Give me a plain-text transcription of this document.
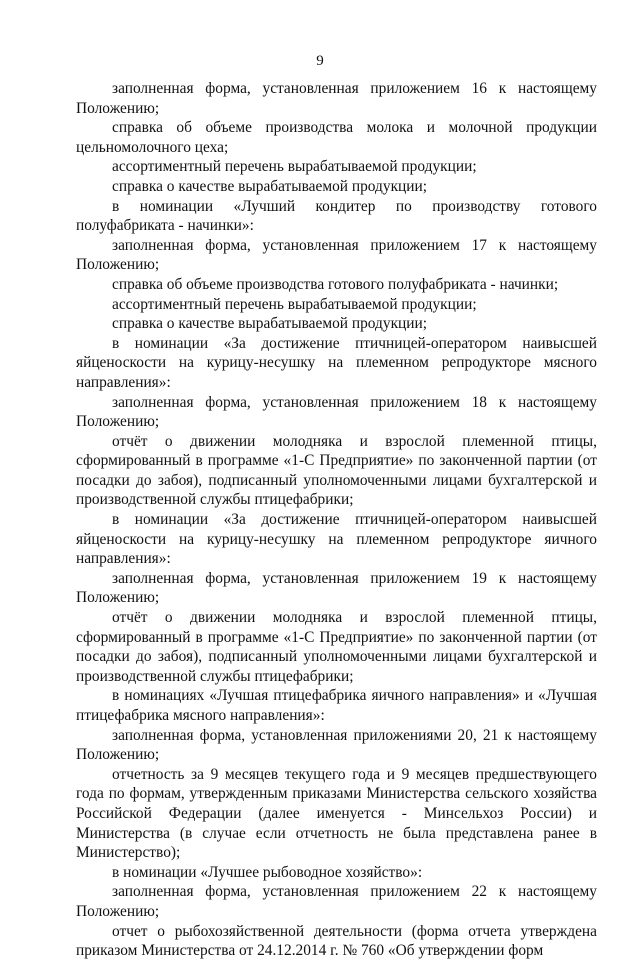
9

заполненная форма, установленная приложением 16 к настоящему Положению;

справка об объеме производства молока и молочной продукции цельномолочного цеха;

ассортиментный перечень вырабатываемой продукции;

справка о качестве вырабатываемой продукции;

в номинации «Лучший кондитер по производству готового полуфабриката - начинки»:

заполненная форма, установленная приложением 17 к настоящему Положению;

справка об объеме производства готового полуфабриката - начинки;

ассортиментный перечень вырабатываемой продукции;

справка о качестве вырабатываемой продукции;

в номинации «За достижение птичницей-оператором наивысшей яйценоскости на курицу-несушку на племенном репродукторе мясного направления»:

заполненная форма, установленная приложением 18 к настоящему Положению;

отчёт о движении молодняка и взрослой племенной птицы, сформированный в программе «1-С Предприятие» по законченной партии (от посадки до забоя), подписанный уполномоченными лицами бухгалтерской и производственной службы птицефабрики;

в номинации «За достижение птичницей-оператором наивысшей яйценоскости на курицу-несушку на племенном репродукторе яичного направления»:

заполненная форма, установленная приложением 19 к настоящему Положению;

отчёт о движении молодняка и взрослой племенной птицы, сформированный в программе «1-С Предприятие» по законченной партии (от посадки до забоя), подписанный уполномоченными лицами бухгалтерской и производственной службы птицефабрики;

в номинациях «Лучшая птицефабрика яичного направления» и «Лучшая птицефабрика мясного направления»:

заполненная форма, установленная приложениями 20, 21 к настоящему Положению;

отчетность за 9 месяцев текущего года и 9 месяцев предшествующего года по формам, утвержденным приказами Министерства сельского хозяйства Российской Федерации (далее именуется - Минсельхоз России) и Министерства (в случае если отчетность не была представлена ранее в Министерство);

в номинации «Лучшее рыбоводное хозяйство»:

заполненная форма, установленная приложением 22 к настоящему Положению;

отчет о рыбохозяйственной деятельности (форма отчета утверждена приказом Министерства от 24.12.2014 г. № 760 «Об утверждении форм
